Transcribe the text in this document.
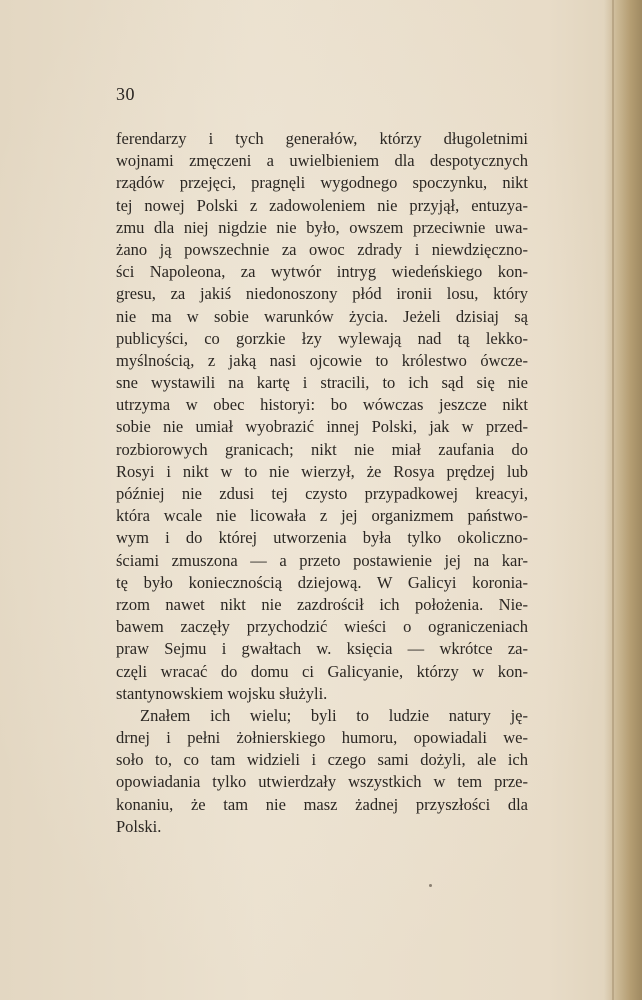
30
ferendarzy i tych generałów, którzy długoletnimi
wojnami zmęczeni a uwielbieniem dla despotycznych
rządów przejęci, pragnęli wygodnego spoczynku, nikt
tej nowej Polski z zadowoleniem nie przyjął, entuzya-
zmu dla niej nigdzie nie było, owszem przeciwnie uwa-
żano ją powszechnie za owoc zdrady i niewdzięczno-
ści Napoleona, za wytwór intryg wiedeńskiego kon-
gresu, za jakiś niedonoszony płód ironii losu, który
nie ma w sobie warunków życia. Jeżeli dzisiaj są
publicyści, co gorzkie łzy wylewają nad tą lekko-
myślnością, z jaką nasi ojcowie to królestwo ówcze-
sne wystawili na kartę i stracili, to ich sąd się nie
utrzyma w obec historyi: bo wówczas jeszcze nikt
sobie nie umiał wyobrazić innej Polski, jak w przed-
rozbiorowych granicach; nikt nie miał zaufania do
Rosyi i nikt w to nie wierzył, że Rosya prędzej lub
później nie zdusi tej czysto przypadkowej kreacyi,
która wcale nie licowała z jej organizmem państwo-
wym i do której utworzenia była tylko okoliczno-
ściami zmuszona — a przeto postawienie jej na kar-
tę było koniecznością dziejową. W Galicyi koronia-
rzom nawet nikt nie zazdrościł ich położenia. Nie-
bawem zaczęły przychodzić wieści o ograniczeniach
praw Sejmu i gwałtach w. księcia — wkrótce za-
częli wracać do domu ci Galicyanie, którzy w kon-
stantynowskiem wojsku służyli.
Znałem ich wielu; byli to ludzie natury ję-
drnej i pełni żołnierskiego humoru, opowiadali we-
soło to, co tam widzieli i czego sami dożyli, ale ich
opowiadania tylko utwierdzały wszystkich w tem prze-
konaniu, że tam nie masz żadnej przyszłości dla
Polski.
